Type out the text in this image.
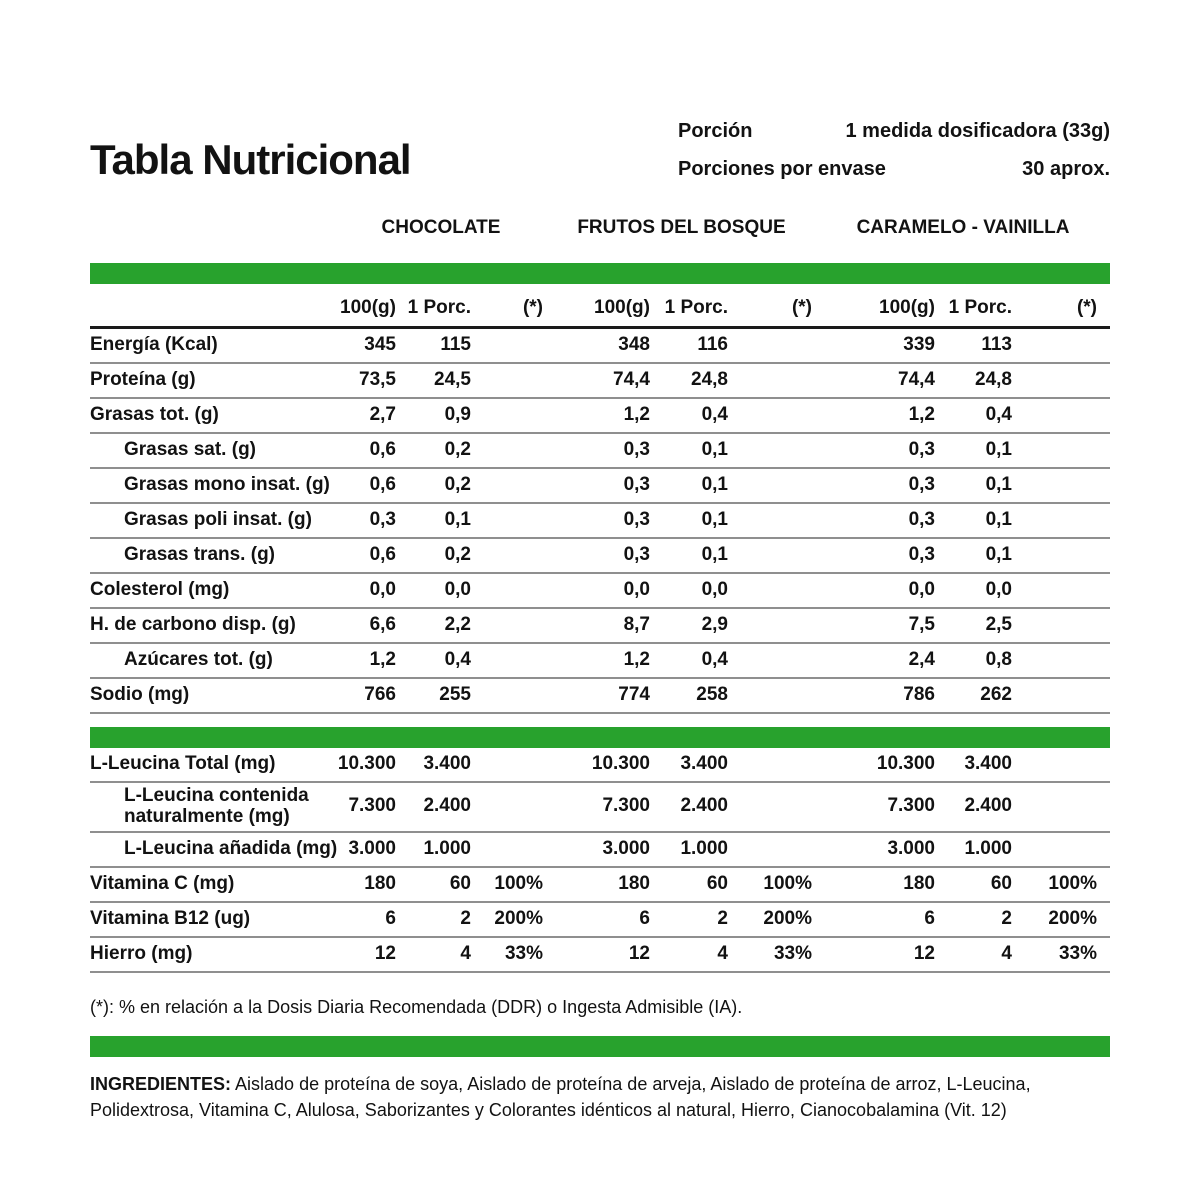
Tabla Nutricional
Porción	1 medida dosificadora (33g)
Porciones por envase	30 aprox.
CHOCOLATE	FRUTOS DEL BOSQUE	CARAMELO - VAINILLA
100(g) 1 Porc.	(*)	100(g) 1 Porc.	(*)	100(g) 1 Porc.	(*)
Energía (Kcal)	345	115	348	116	339	113
Proteína (g)	73,5	24,5	74,4	24,8	74,4	24,8
Grasas tot. (g)	2,7	0,9	1,2	0,4	1,2	0,4
Grasas sat. (g)	0,6	0,2	0,3	0,1	0,3	0,1
Grasas mono insat. (g)	0,6	0,2	0,3	0,1	0,3	0,1
Grasas poli insat. (g)	0,3	0,1	0,3	0,1	0,3	0,1
Grasas trans. (g)	0,6	0,2	0,3	0,1	0,3	0,1
Colesterol (mg)	0,0	0,0	0,0	0,0	0,0	0,0
H. de carbono disp. (g)	6,6	2,2	8,7	2,9	7,5	2,5
Azúcares tot. (g)	1,2	0,4	1,2	0,4	2,4	0,8
Sodio (mg)	766	255	774	258	786	262
L-Leucina Total (mg)	10.300	3.400	10.300	3.400	10.300	3.400
L-Leucina contenida naturalmente (mg)	7.300	2.400	7.300	2.400	7.300	2.400
L-Leucina añadida (mg) 3.000	1.000	3.000	1.000	3.000	1.000
Vitamina C (mg)	180	60	100%	180	60	100%	180	60	100%
Vitamina B12 (ug)	6	2	200%	6	2	200%	6	2	200%
Hierro (mg)	12	4	33%	12	4	33%	12	4	33%

(*): % en relación a la Dosis Diaria Recomendada (DDR) o Ingesta Admisible (IA).

INGREDIENTES: Aislado de proteína de soya, Aislado de proteína de arveja, Aislado de proteína de arroz, L-Leucina, Polidextrosa, Vitamina C, Alulosa, Saborizantes y Colorantes idénticos al natural, Hierro, Cianocobalamina (Vit. 12)
